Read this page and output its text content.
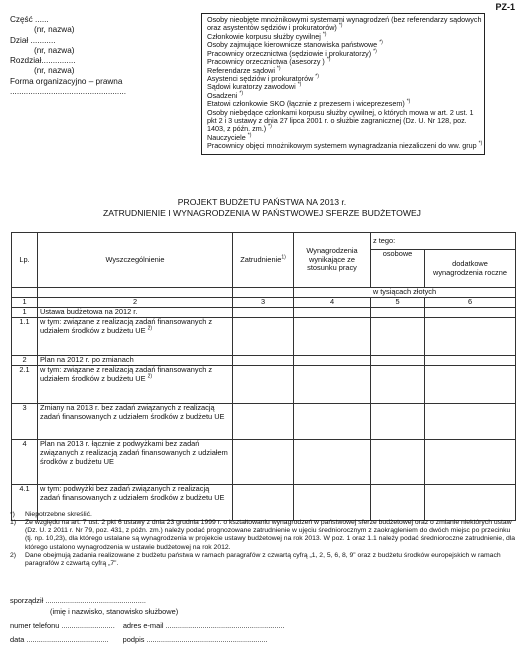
PZ-1
Część ......
(nr, nazwa)
Dział ...........
(nr, nazwa)
Rozdział...............
(nr, nazwa)
Forma organizacyjno – prawna
...................................................
Osoby nieobjęte mnożnikowymi systemami wynagrodzeń (bez referendarzy sądowych oraz asystentów sędziów i prokuratorów) *)
Członkowie korpusu służby cywilnej *)
Osoby zajmujące kierownicze stanowiska państwowe *)
Pracownicy orzecznictwa (sędziowie i prokuratorzy) *)
Pracownicy orzecznictwa (asesorzy ) *)
Referendarze sądowi *)
Asystenci sędziów i prokuratorów *)
Sądowi kuratorzy zawodowi *)
Osadzeni *)
Etatowi członkowie SKO (łącznie z prezesem i wiceprezesem) *)
Osoby niebędące członkami korpusu służby cywilnej, o których mowa w art. 2 ust. 1 pkt 2 i 3 ustawy z dnia 27 lipca 2001 r. o służbie zagranicznej (Dz. U. Nr 128, poz. 1403, z późn. zm.) *)
Nauczyciele *)
Pracownicy objęci mnożnikowym systemem wynagradzania niezaliczeni do ww. grup *)
PROJEKT BUDŻETU PAŃSTWA NA 2013 r.
ZATRUDNIENIE I WYNAGRODZENIA W PAŃSTWOWEJ SFERZE BUDŻETOWEJ
Lp.	Wyszczególnienie	Zatrudnienie$^{1)}$	Wynagrodzenia wynikające ze stosunku pracy	z tego:	
				osobowe	dodatkowe wynagrodzenia roczne
			w tysiącach złotych		
1	2	3	4	5	6
1	Ustawa budżetowa na 2012 r.				
1.1	w tym: związane z realizacją zadań finansowanych z udziałem środków z budżetu UE $^{2)}$				
2	Plan na 2012 r. po zmianach				
2.1	w tym: związane z realizacją zadań finansowanych z udziałem środków z budżetu UE $^{2)}$				
3	Zmiany na 2013 r. bez zadań związanych z realizacją zadań finansowanych z udziałem środków z budżetu UE				
4	Plan na 2013 r. łącznie z podwyżkami bez zadań związanych z realizacją zadań finansowanych z udziałem środków z budżetu UE				
4.1	w tym: podwyżki bez zadań związanych z realizacją zadań finansowanych z udziałem środków z budżetu UE				
*) Niepotrzebne skreślić.
1) Ze względu na art. 7 ust. 2 pkt 6 ustawy z dnia 23 grudnia 1999 r. o kształtowaniu wynagrodzeń w państwowej sferze budżetowej oraz o zmianie niektórych ustaw (Dz. U. z 2011 r. Nr 79, poz. 431, z późn. zm.) należy podać prognozowane zatrudnienie w ujęciu średniorocznym z zaokrągleniem do dwóch miejsc po przecinku (tj. np. 10,23), dla którego ustalane są wynagrodzenia w projekcie ustawy budżetowej na rok 2013. W poz. 1 oraz 1.1 należy podać średnioroczne zatrudnienie, dla którego ustalono wynagrodzenia w ustawie budżetowej na rok 2012.
2) Dane obejmują zadania realizowane z budżetu państwa w ramach paragrafów z czwartą cyfrą „1, 2, 5, 6, 8, 9” oraz z budżetu środków europejskich w ramach paragrafów z czwartą cyfrą „7”.
sporządził .................................................
(imię i nazwisko, stanowisko służbowe)
numer telefonu .......................... adres e-mail ..........................................................
data ........................................ podpis ...........................................................
